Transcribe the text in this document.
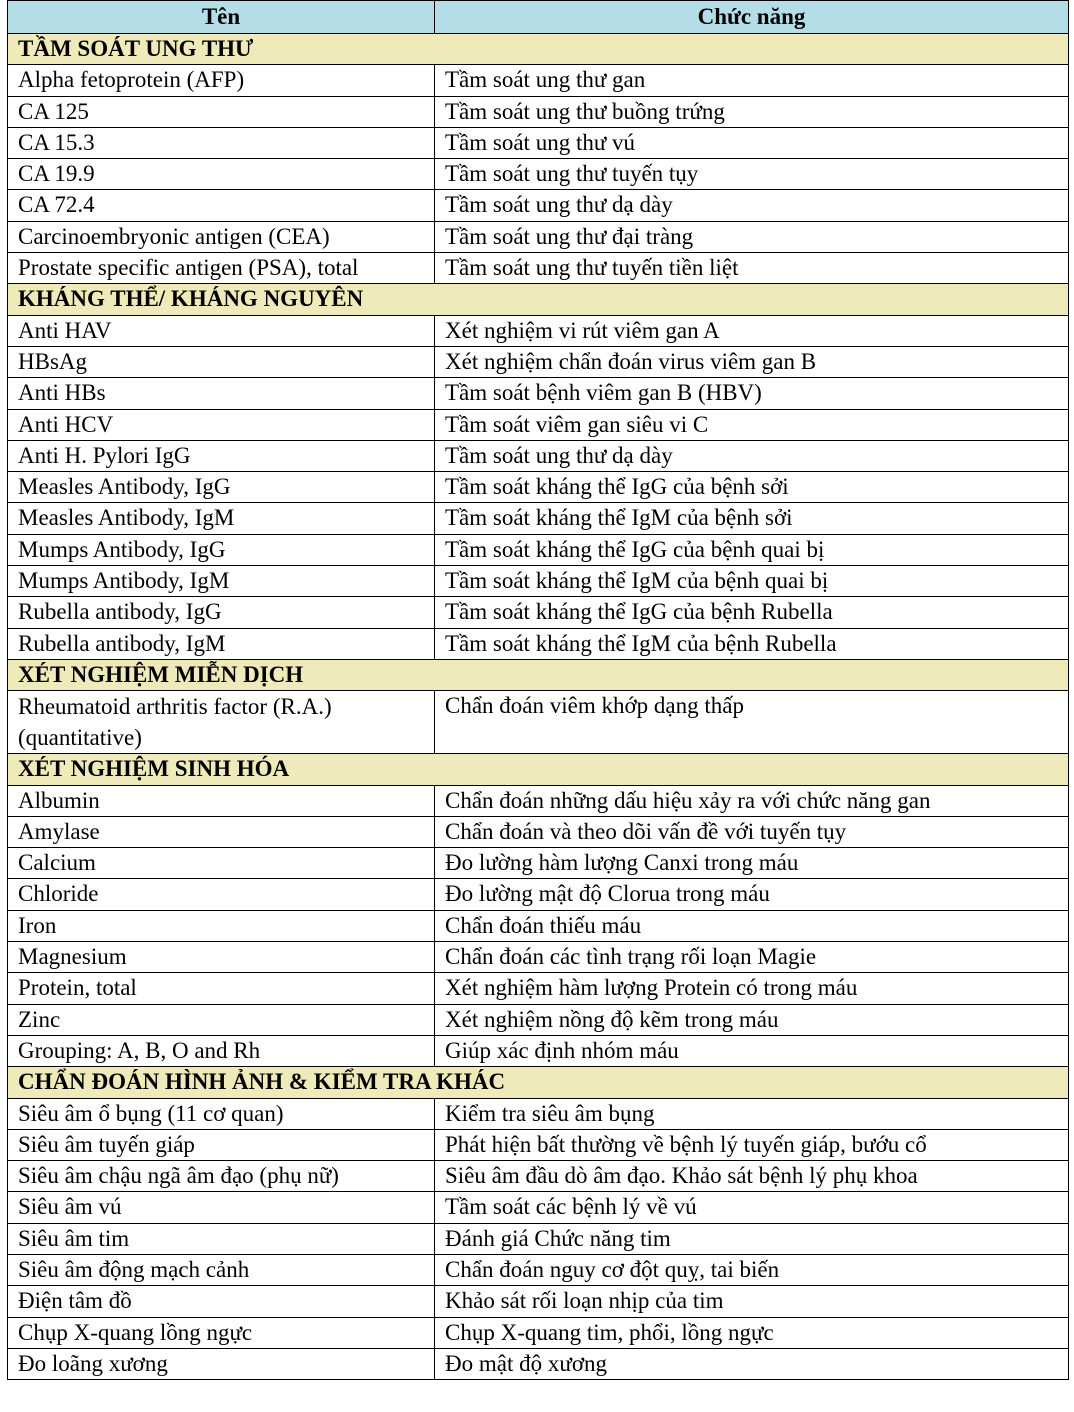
Tên	Chức năng
TẦM SOÁT UNG THƯ	
Alpha fetoprotein (AFP)	Tầm soát ung thư gan
CA 125	Tầm soát ung thư buồng trứng
CA 15.3	Tầm soát ung thư vú
CA 19.9	Tầm soát ung thư tuyến tụy
CA 72.4	Tầm soát ung thư dạ dày
Carcinoembryonic antigen (CEA)	Tầm soát ung thư đại tràng
Prostate specific antigen (PSA), total	Tầm soát ung thư tuyến tiền liệt
KHÁNG THỂ/ KHÁNG NGUYÊN	
Anti HAV	Xét nghiệm vi rút viêm gan A
HBsAg	Xét nghiệm chẩn đoán virus viêm gan B
Anti HBs	Tầm soát bệnh viêm gan B (HBV)
Anti HCV	Tầm soát viêm gan siêu vi C
Anti H. Pylori IgG	Tầm soát ung thư dạ dày
Measles Antibody, IgG	Tầm soát kháng thể IgG của bệnh sởi
Measles Antibody, IgM	Tầm soát kháng thể IgM của bệnh sởi
Mumps Antibody, IgG	Tầm soát kháng thể IgG của bệnh quai bị
Mumps Antibody, IgM	Tầm soát kháng thể IgM của bệnh quai bị
Rubella antibody, IgG	Tầm soát kháng thể IgG của bệnh Rubella
Rubella antibody, IgM	Tầm soát kháng thể IgM của bệnh Rubella
XÉT NGHIỆM MIỄN DỊCH	
Rheumatoid arthritis factor (R.A.) (quantitative)	Chẩn đoán viêm khớp dạng thấp
XÉT NGHIỆM SINH HÓA	
Albumin	Chẩn đoán những dấu hiệu xảy ra với chức năng gan
Amylase	Chẩn đoán và theo dõi vấn đề với tuyến tụy
Calcium	Đo lường hàm lượng Canxi trong máu
Chloride	Đo lường mật độ Clorua trong máu
Iron	Chẩn đoán thiếu máu
Magnesium	Chẩn đoán các tình trạng rối loạn Magie
Protein, total	Xét nghiệm hàm lượng Protein có trong máu
Zinc	Xét nghiệm nồng độ kẽm trong máu
Grouping: A, B, O and Rh	Giúp xác định nhóm máu
CHẨN ĐOÁN HÌNH ẢNH & KIỂM TRA KHÁC	
Siêu âm ổ bụng (11 cơ quan)	Kiểm tra siêu âm bụng
Siêu âm tuyến giáp	Phát hiện bất thường về bệnh lý tuyến giáp, bướu cổ
Siêu âm chậu ngã âm đạo (phụ nữ)	Siêu âm đầu dò âm đạo. Khảo sát bệnh lý phụ khoa
Siêu âm vú	Tầm soát các bệnh lý về vú
Siêu âm tim	Đánh giá Chức năng tim
Siêu âm động mạch cảnh	Chẩn đoán nguy cơ đột quỵ, tai biến
Điện tâm đồ	Khảo sát rối loạn nhịp của tim
Chụp X-quang lồng ngực	Chụp X-quang tim, phổi, lồng ngực
Đo loãng xương	Đo mật độ xương
